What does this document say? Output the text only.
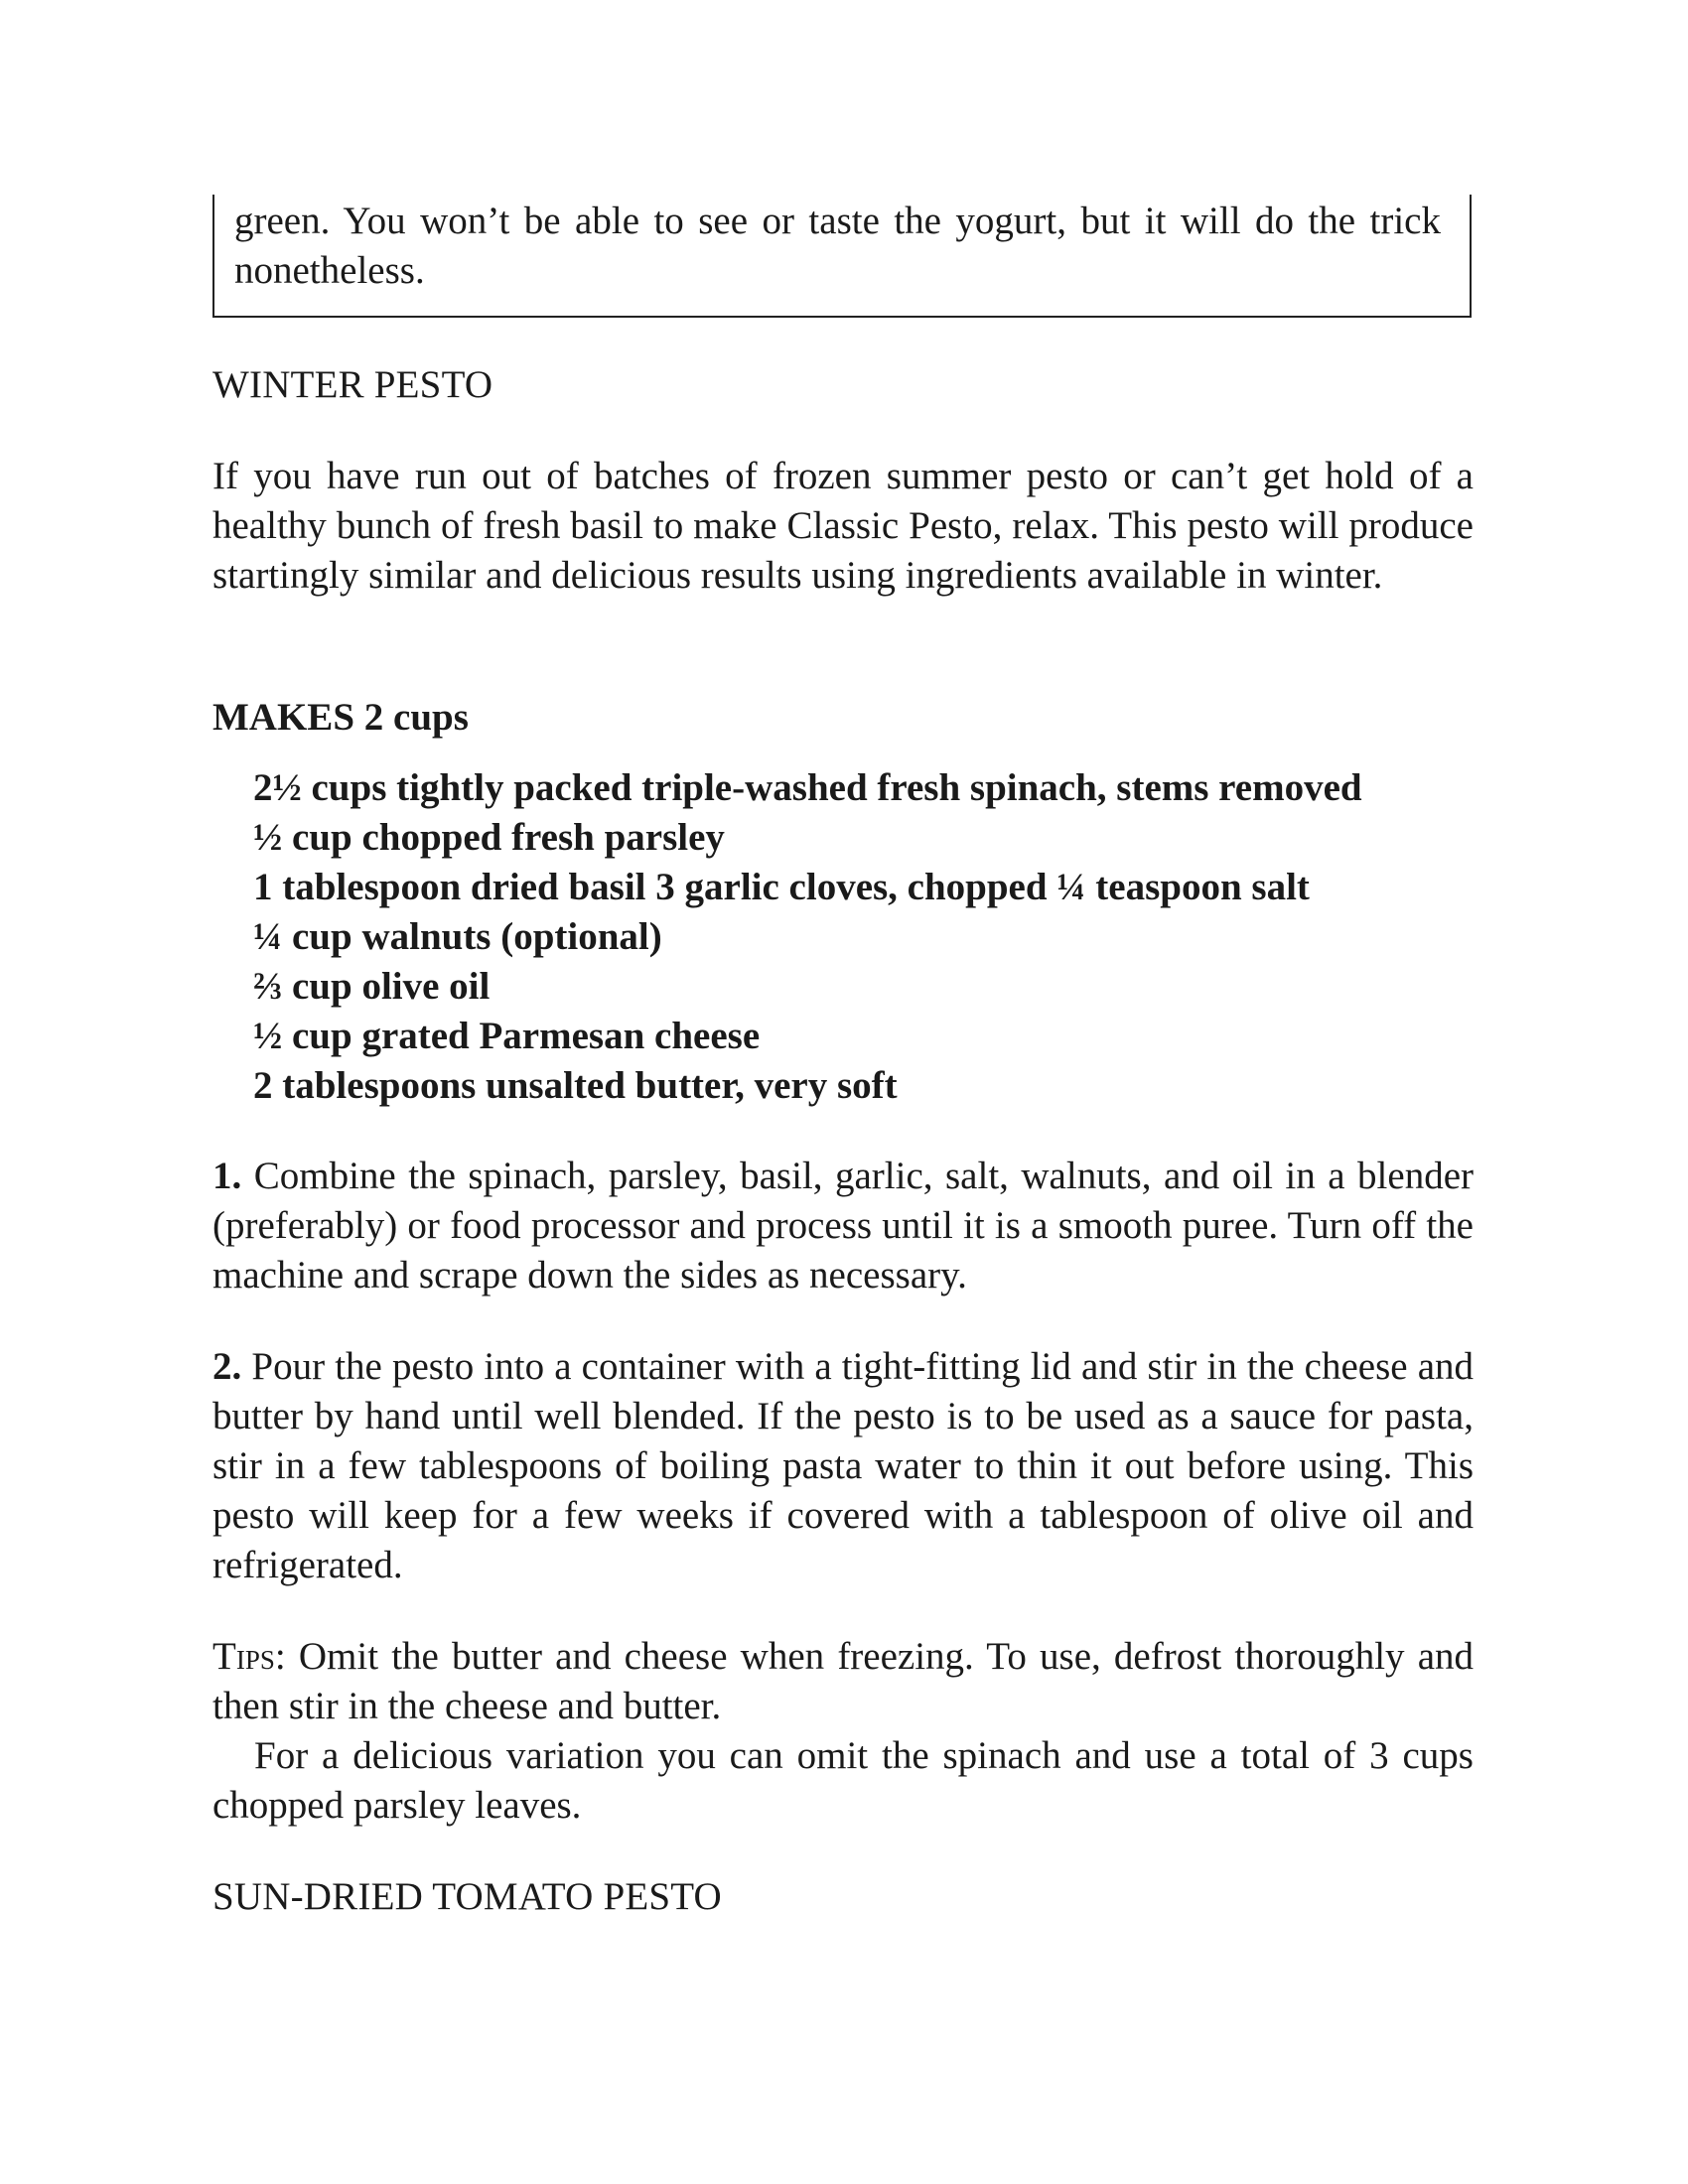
green. You won’t be able to see or taste the yogurt, but it will do the trick nonetheless.

WINTER PESTO

If you have run out of batches of frozen summer pesto or can’t get hold of a healthy bunch of fresh basil to make Classic Pesto, relax. This pesto will produce startingly similar and delicious results using ingredients available in winter.

MAKES 2 cups
2½ cups tightly packed triple-washed fresh spinach, stems removed
½ cup chopped fresh parsley
1 tablespoon dried basil 3 garlic cloves, chopped ¼ teaspoon salt
¼ cup walnuts (optional)
⅔ cup olive oil
½ cup grated Parmesan cheese
2 tablespoons unsalted butter, very soft

1. Combine the spinach, parsley, basil, garlic, salt, walnuts, and oil in a blender (preferably) or food processor and process until it is a smooth puree. Turn off the machine and scrape down the sides as necessary.

2. Pour the pesto into a container with a tight-fitting lid and stir in the cheese and butter by hand until well blended. If the pesto is to be used as a sauce for pasta, stir in a few tablespoons of boiling pasta water to thin it out before using. This pesto will keep for a few weeks if covered with a tablespoon of olive oil and refrigerated.

Tips: Omit the butter and cheese when freezing. To use, defrost thoroughly and then stir in the cheese and butter.

For a delicious variation you can omit the spinach and use a total of 3 cups chopped parsley leaves.

SUN-DRIED TOMATO PESTO
